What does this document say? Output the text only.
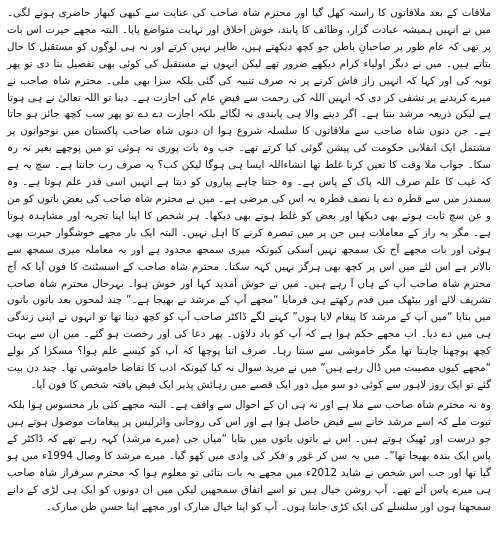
ملاقات کے بعد ملاقاتوں کا راستہ کھل گیا اور محترم شاہ صاحب کی عنایت سے کبھی کبھار حاضری ہونے لگی۔ میں نے انہیں ہمیشہ عبادت گزار، وظائف کا پابند، خوش اخلاق اور نہایت متواضع پایا۔ البتہ مجھے حیرت اس بات پر تھی کہ عام طور پر صاحبانِ باطن جو کچھ دیکھتے ہیں، ظاہر نہیں کرتے اور نہ ہی لوگوں کو مستقبل کا حال بتاتے ہیں۔ میں نے دیگر اولیاء کرام دیکھے ضرور تھے لیکن انہوں نے مستقبل کی کوئی بھی تفصیل بتا دی تو پھر توبہ کی اور کہا کہ انہیں راز فاش کرنے پر نہ صرف تنبیہ کی گئی بلکہ سزا بھی ملی۔ محترم شاہ صاحب نے میرے کریدنے پر تشفی کر دی کہ انہیں اللہ کی رحمت سے فیضِ عام کی اجازت ہے۔ دینا تو اللہ تعالیٰ نے ہی ہوتا ہے لیکن ذریعہ مرشد بنتا ہے۔ اگر دینے والا ہی پابندی نہ لگائے بلکہ اجازت دے دے تو پھر سب کچھ جائز ہو جاتا ہے۔ جن دنوں شاہ صاحب سے ملاقاتوں کا سلسلہ شروع ہوا ان دنوں شاہ صاحب پاکستان میں نوجوانوں پر مشتمل ایک انقلابی حکومت کی پیشن گوئی کیا کرتے تھے۔ جب وہ بات پوری نہ ہوئی تو میں پوچھے بغیر نہ رہ سکا۔ جواب ملا وقت کا تعین کرنا غلط تھا انشاءاللہ ایسا ہی ہوگا لیکن کب؟ یہ صرف رب جانتا ہے۔ سچ یہ ہے کہ غیب کا علم صرف اللہ پاک کے پاس ہے۔ وہ جتنا چاہے پیاروں کو دیتا ہے انہیں اسی قدر علم ہوتا ہے۔ وہ سمندر میں سے قطرہ دے یا نصف قطرہ یہ اس کی مرضی ہے۔ میں نے محترم شاہ صاحب کی بعض باتوں کو من و عن سچ ثابت ہوتے بھی دیکھا اور بعض کو غلط ہوتے بھی دیکھا۔ ہر شخص کا اپنا اپنا تجربہ اور مشاہدہ ہوتا ہے۔ مگر یہ راز کے معاملات ہیں جن پر میں تبصرہ کرنے کا اہل نہیں۔ البتہ ایک بار مجھے خوشگوار حیرت بھی ہوئی اور بات مجھے آج تک سمجھ نہیں آسکی کیونکہ میری سمجھ محدود ہے اور یہ معاملہ میری سمجھ سے بالاتر ہے اس لئے میں اس پر کچھ بھی ہرگز نہیں کہہ سکتا۔ محترم شاہ صاحب کے اسسٹنٹ کا فون آیا کہ آج محترم شاہ صاحب آپ کے ہاں آ رہے ہیں۔ میں نے خوش آمدید کہا اور خوش ہوا۔ بہرحال محترم شاہ صاحب تشریف لائے اور بیٹھک میں قدم رکھتے ہی فرمایا “مجھے آپ کے مرشد نے بھیجا ہے۔” چند لمحوں بعد باتوں باتوں میں بتایا “میں آپ کے مرشد کا پیغام لایا ہوں” کہنے لگے ڈاکٹر صاحب آپ کو کچھ دینا تھا تو انہوں نے اپنی زندگی ہی میں دے دیا۔ اب مجھے حکم ہوا ہے کہ آپ کو یاد دلاؤں۔ پھر دعا کی اور رخصت ہو گئے۔ میں ان سے بہت کچھ پوچھنا چاہتا تھا مگر خاموشی سے سنتا رہا۔ صرف اتنا پوچھا کہ آپ کو کیسے علم ہوا؟ مسکرا کر بولے “مجھے کیوں مصیبت میں ڈال رہے ہیں” میں نے مزید سوال نہ کیا کیونکہ ادب کا تقاضا خاموشی تھا۔ چند دن بیت گئے تو ایک روز لاہور سے کوئی دو سو میل دور ایک قصبے میں رہائش پذیر ایک فیض یافتہ شخص کا فون آیا۔

وہ نہ محترم شاہ صاحب سے ملا ہے اور نہ ہی ان کے احوال سے واقف ہے۔ البتہ مجھے کئی بار محسوس ہوا بلکہ ثبوت ملے کہ اسے مرشد خانے سے فیض حاصل ہوا ہے اور اس کی روحانی وائرلیس پر پیغامات موصول ہوتے ہیں جو درست اور ٹھیک ہوتے ہیں۔ اس نے باتوں باتوں میں بتایا “میاں جی (میرے مرشد) کہہ رہے تھے کہ ڈاکٹر کے پاس ایک بندہ بھیجا تھا”۔ میں یہ سن کر غور و فکر کی وادی میں کھو گیا۔ میرے مرشد کا وصال 1994ء میں ہو گیا تھا اور جب اس شخص نے شاید 2012ء میں مجھے یہ بات بتائی تو معلوم ہوا کہ محترم سرفراز شاہ صاحب ہی میرے پاس آئے تھے۔ آپ روشن خیال ہیں تو اسے اتفاق سمجھیں لیکن میں ان دونوں کو ایک ہی لڑی کے دانے سمجھتا ہوں اور سلسلے کی ایک کڑی جانتا ہوں۔ آپ کو اپنا خیال مبارک اور مجھے اپنا حسنِ ظن مبارک۔
